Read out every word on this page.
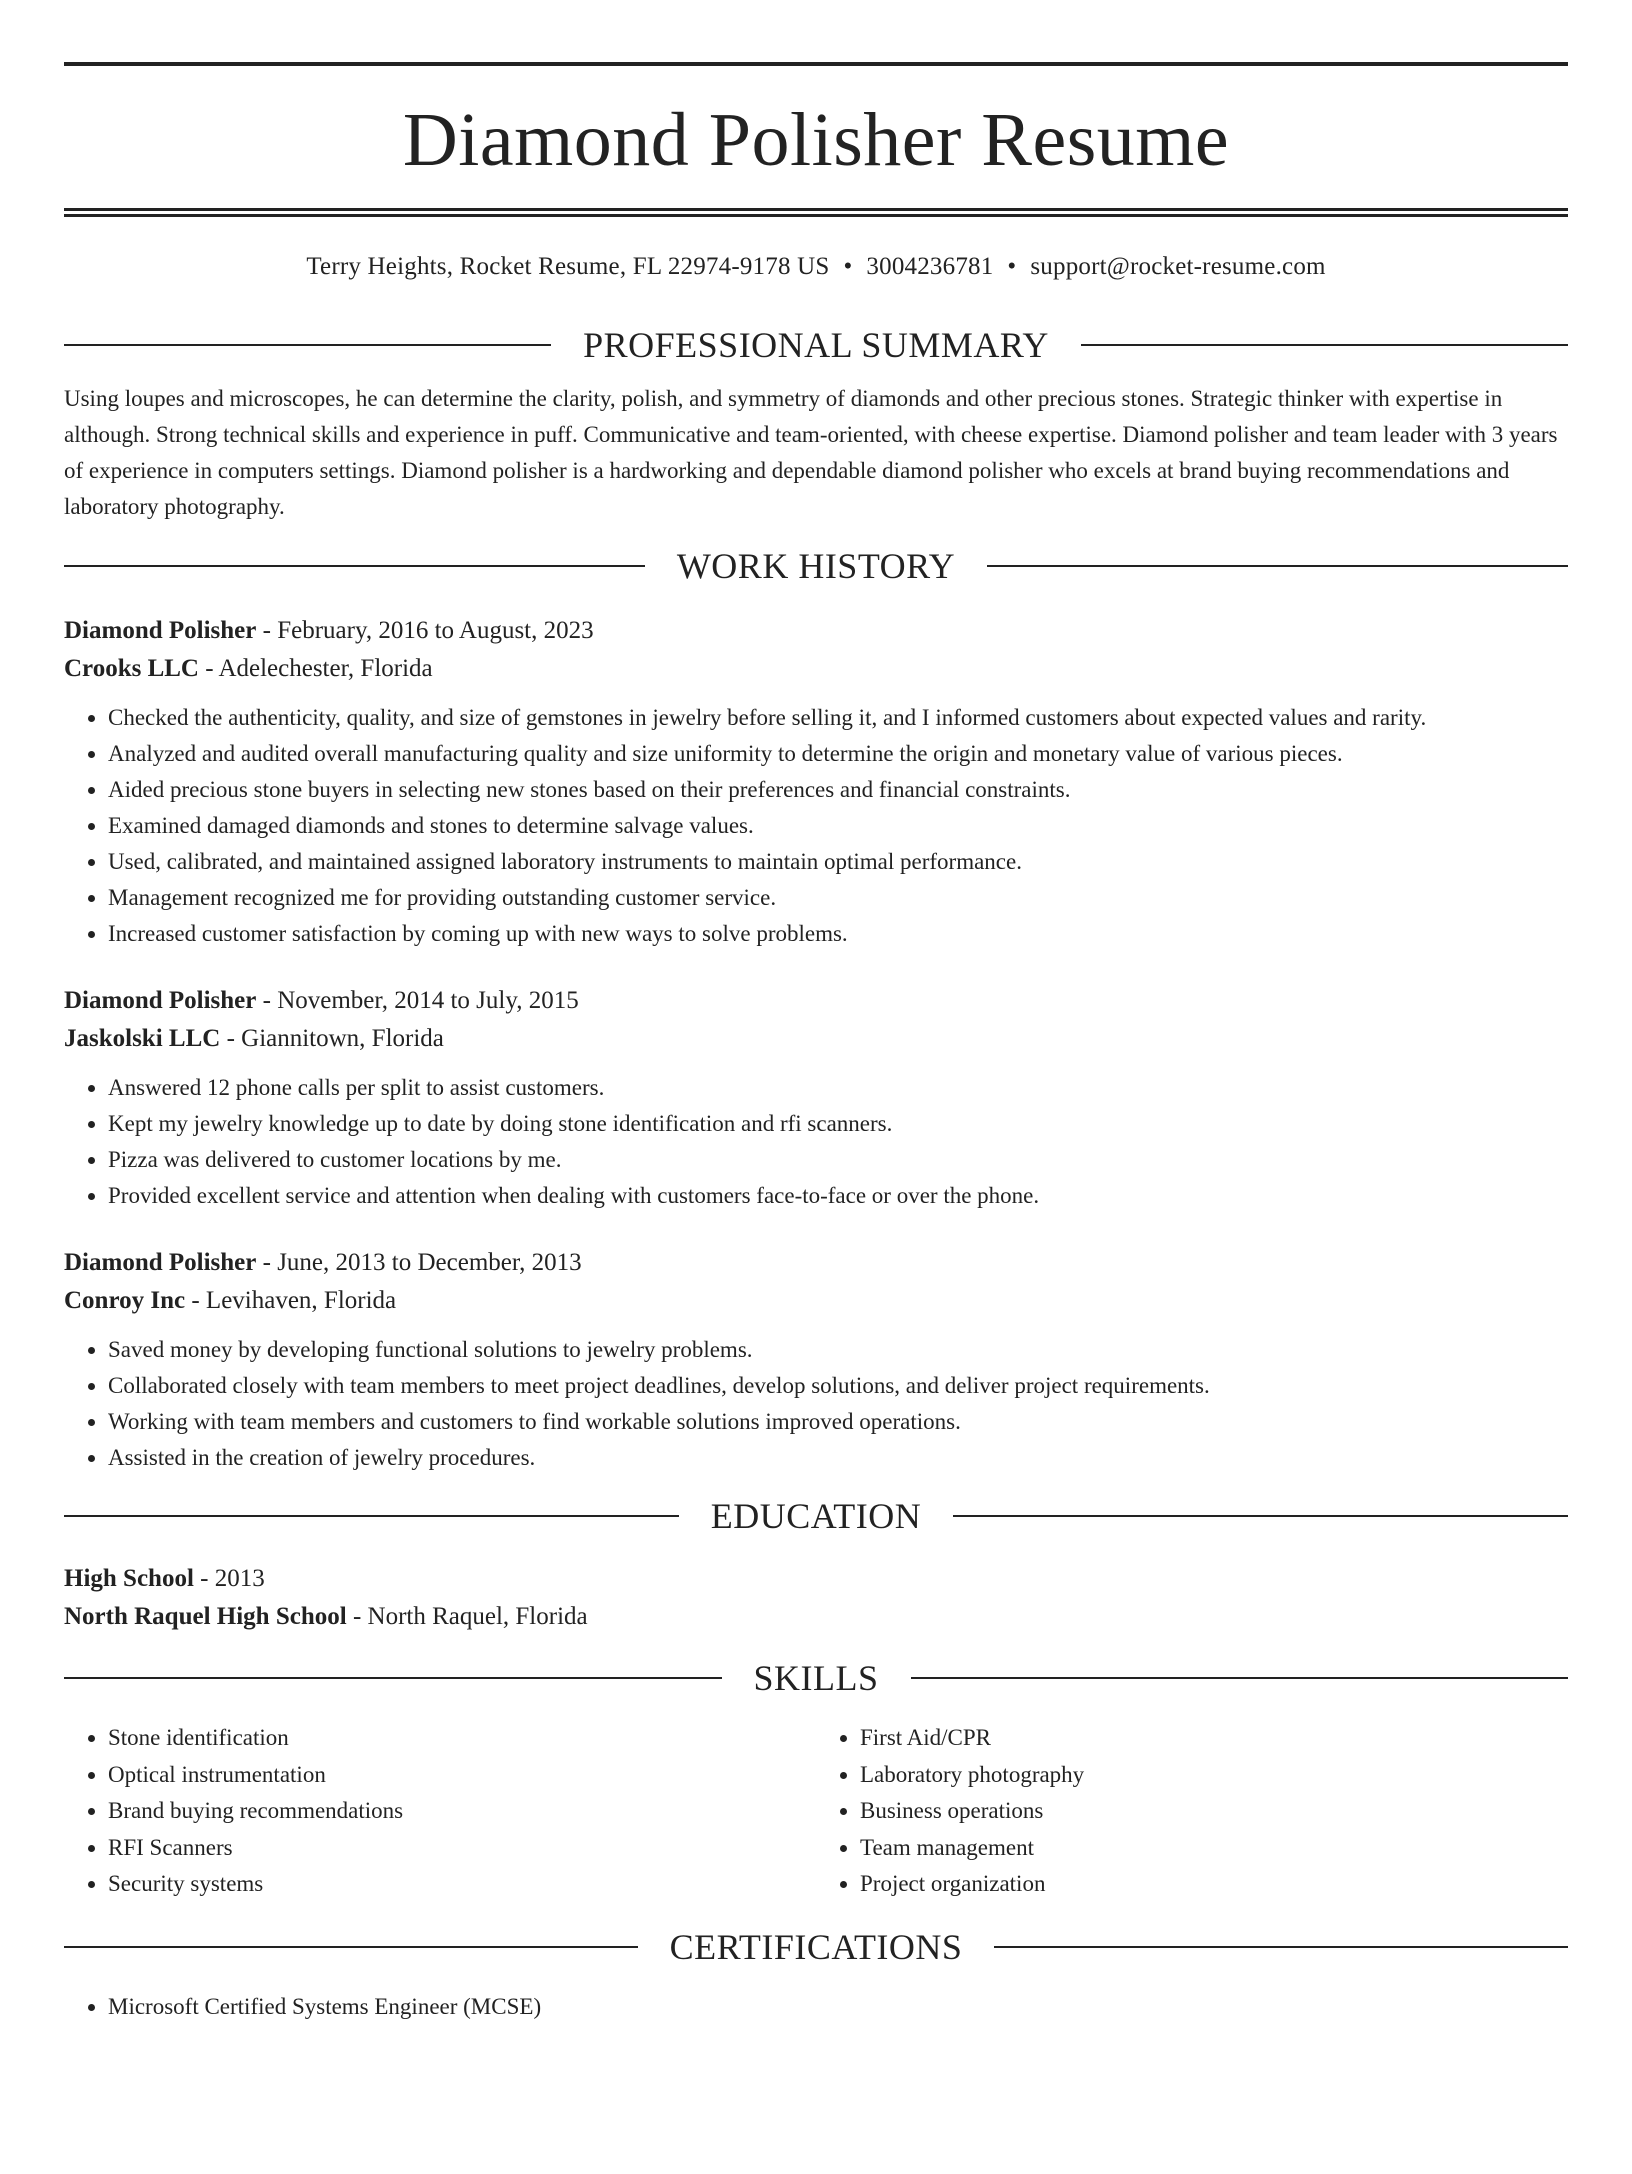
Diamond Polisher Resume
Terry Heights, Rocket Resume, FL 22974-9178 US • 3004236781 • support@rocket-resume.com
PROFESSIONAL SUMMARY

Using loupes and microscopes, he can determine the clarity, polish, and symmetry of diamonds and other precious stones. Strategic thinker with expertise in although. Strong technical skills and experience in puff. Communicative and team-oriented, with cheese expertise. Diamond polisher and team leader with 3 years of experience in computers settings. Diamond polisher is a hardworking and dependable diamond polisher who excels at brand buying recommendations and laboratory photography.

WORK HISTORY
Diamond Polisher - February, 2016 to August, 2023
Crooks LLC - Adelechester, Florida
• Checked the authenticity, quality, and size of gemstones in jewelry before selling it, and I informed customers about expected values and rarity.
• Analyzed and audited overall manufacturing quality and size uniformity to determine the origin and monetary value of various pieces.
• Aided precious stone buyers in selecting new stones based on their preferences and financial constraints.
• Examined damaged diamonds and stones to determine salvage values.
• Used, calibrated, and maintained assigned laboratory instruments to maintain optimal performance.
• Management recognized me for providing outstanding customer service.
• Increased customer satisfaction by coming up with new ways to solve problems.
Diamond Polisher - November, 2014 to July, 2015
Jaskolski LLC - Giannitown, Florida
• Answered 12 phone calls per split to assist customers.
• Kept my jewelry knowledge up to date by doing stone identification and rfi scanners.
• Pizza was delivered to customer locations by me.
• Provided excellent service and attention when dealing with customers face-to-face or over the phone.
Diamond Polisher - June, 2013 to December, 2013
Conroy Inc - Levihaven, Florida
• Saved money by developing functional solutions to jewelry problems.
• Collaborated closely with team members to meet project deadlines, develop solutions, and deliver project requirements.
• Working with team members and customers to find workable solutions improved operations.
• Assisted in the creation of jewelry procedures.
EDUCATION
High School - 2013
North Raquel High School - North Raquel, Florida
SKILLS
• Stone identification
• Optical instrumentation
• Brand buying recommendations
• RFI Scanners
• Security systems
• First Aid/CPR
• Laboratory photography
• Business operations
• Team management
• Project organization
CERTIFICATIONS
• Microsoft Certified Systems Engineer (MCSE)
